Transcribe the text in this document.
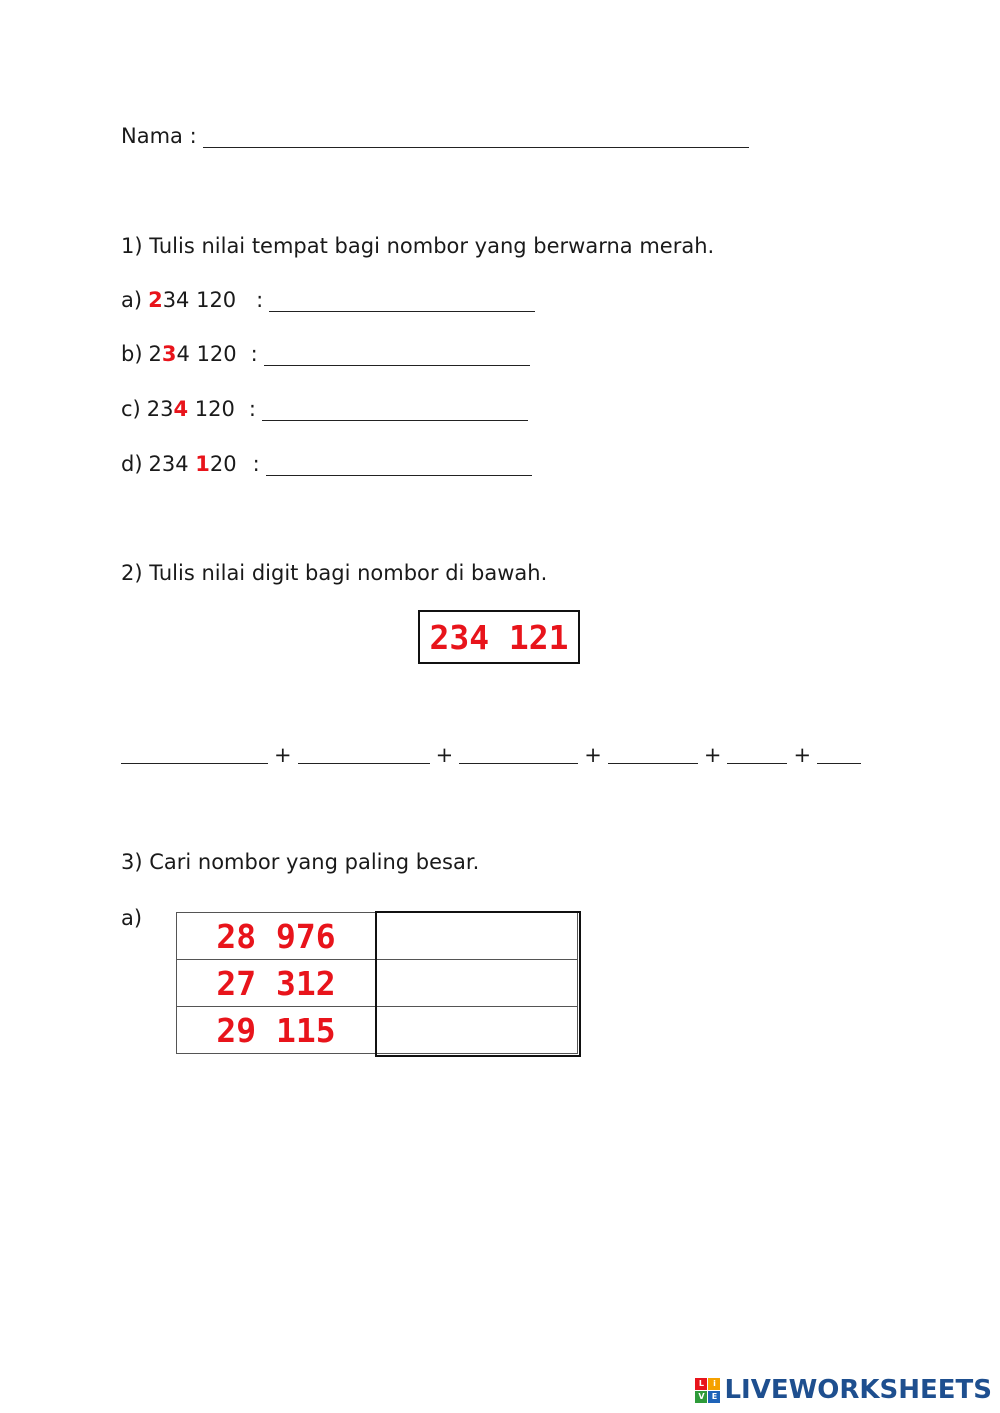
Nama :
1) Tulis nilai tempat bagi nombor yang berwarna merah.
a) 234 120 :
b) 234 120 :
c) 234 120 :
d) 234 120 :
2) Tulis nilai digit bagi nombor di bawah.
234 121
+	+	+	+	+
3) Cari nombor yang paling besar.
a) 28 976	
27 312	
29 115	
L	i
V E LIVEWORKSHEETS
